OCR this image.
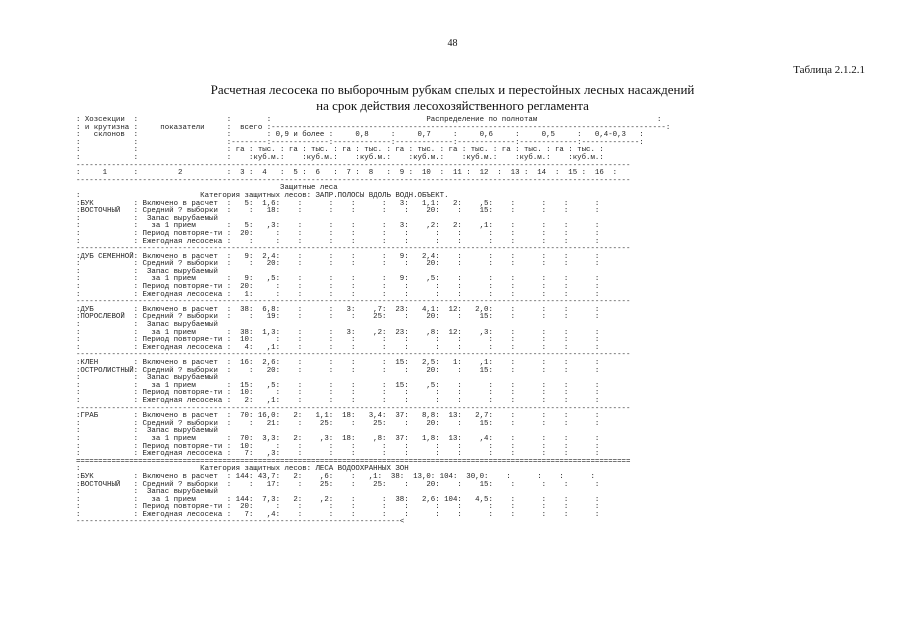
48
Таблица 2.1.2.1
Расчетная лесосека по выборочным рубкам спелых и перестойных лесных насаждений
на срок действия лесохозяйственного регламента
: Хозсекции  :                    :        :                                   Распределение по полнотам                           :
: и крутизна :     показатели     :  всего :-----------------------------------------------------------------------------------------:
:   склонов  :                    :        : 0,9 и более :     0,8     :     0,7     :     0,6     :     0,5     :   0,4-0,3   :
:            :                    :--------:-------------:-------------:-------------:-------------:-------------:-------------:
:            :                    : га : тыс. : га : тыс. : га : тыс. : га : тыс. : га : тыс. : га : тыс. : га : тыс. :
:            :                    :    :куб.м.:    :куб.м.:    :куб.м.:    :куб.м.:    :куб.м.:    :куб.м.:    :куб.м.:
-----------------------------------------------------------------------------------------------------------------------------
:     1      :         2          :  3 :  4   :  5 :  6   :  7 :  8   :  9 :  10  :  11 :  12  :  13 :  14  :  15 :  16  :
-----------------------------------------------------------------------------------------------------------------------------
Защитные леса
:                           Категория защитных лесов: ЗАПР.ПОЛОСЫ ВДОЛЬ ВОДН.ОБЪЕКТ.
:БУК         : Включено в расчет  :   5:  1,6:    :      :    :      :   3:   1,1:   2:    ,5:    :      :    :      :
:ВОСТОЧНЫЙ   : Средний ? выборки  :    :   18:    :      :    :      :    :    20:    :    15:    :      :    :      :
:            :  Запас вырубаемый
:            :   за 1 прием       :   5:   ,3:    :      :    :      :   3:    ,2:   2:    ,1:    :      :    :      :
:            : Период повторяе-ти :  20:     :    :      :    :      :    :      :    :      :    :      :    :      :
:            : Ежегодная лесосека :    :     :    :      :    :      :    :      :    :      :    :      :    :      :
-----------------------------------------------------------------------------------------------------------------------------
:ДУБ СЕМЕННОЙ: Включено в расчет  :   9:  2,4:    :      :    :      :   9:   2,4:    :      :    :      :    :      :
:            : Средний ? выборки  :    :   20:    :      :    :      :    :    20:    :      :    :      :    :      :
:            :  Запас вырубаемый
:            :   за 1 прием       :   9:   ,5:    :      :    :      :   9:    ,5:    :      :    :      :    :      :
:            : Период повторяе-ти :  20:     :    :      :    :      :    :      :    :      :    :      :    :      :
:            : Ежегодная лесосека :   1:     :    :      :    :      :    :      :    :      :    :      :    :      :
-----------------------------------------------------------------------------------------------------------------------------
:ДУБ         : Включено в расчет  :  38:  6,8:    :      :   3:    ,7:  23:   4,1:  12:   2,0:    :      :    :      :
:ПОРОСЛЕВОЙ  : Средний ? выборки  :    :   19:    :      :    :    25:    :    20:    :    15:    :      :    :      :
:            :  Запас вырубаемый
:            :   за 1 прием       :  38:  1,3:    :      :   3:    ,2:  23:    ,8:  12:    ,3:    :      :    :      :
:            : Период повторяе-ти :  10:     :    :      :    :      :    :      :    :      :    :      :    :      :
:            : Ежегодная лесосека :   4:   ,1:    :      :    :      :    :      :    :      :    :      :    :      :
-----------------------------------------------------------------------------------------------------------------------------
:КЛЕН        : Включено в расчет  :  16:  2,6:    :      :    :      :  15:   2,5:   1:    ,1:    :      :    :      :
:ОСТРОЛИСТНЫЙ: Средний ? выборки  :    :   20:    :      :    :      :    :    20:    :    15:    :      :    :      :
:            :  Запас вырубаемый
:            :   за 1 прием       :  15:   ,5:    :      :    :      :  15:    ,5:    :      :    :      :    :      :
:            : Период повторяе-ти :  10:     :    :      :    :      :    :      :    :      :    :      :    :      :
:            : Ежегодная лесосека :   2:   ,1:    :      :    :      :    :      :    :      :    :      :    :      :
-----------------------------------------------------------------------------------------------------------------------------
:ГРАБ        : Включено в расчет  :  70: 16,0:   2:   1,1:  18:   3,4:  37:   8,8:  13:   2,7:    :      :    :      :
:            : Средний ? выборки  :    :   21:    :    25:    :    25:    :    20:    :    15:    :      :    :      :
:            :  Запас вырубаемый
:            :   за 1 прием       :  70:  3,3:   2:    ,3:  18:    ,8:  37:   1,8:  13:    ,4:    :      :    :      :
:            : Период повторяе-ти :  10:     :    :      :    :      :    :      :    :      :    :      :    :      :
:            : Ежегодная лесосека :   7:   ,3:    :      :    :      :    :      :    :      :    :      :    :      :
=============================================================================================================================
:                           Категория защитных лесов: ЛЕСА ВОДООХРАННЫХ ЗОН
:БУК         : Включено в расчет  : 144: 43,7:   2:    ,6:    :   ,1:  38:  13,0: 104:  30,0:    :      :    :      :
:ВОСТОЧНЫЙ   : Средний ? выборки  :    :   17:    :    25:    :    25:    :    20:    :    15:    :      :    :      :
:            :  Запас вырубаемый
:            :   за 1 прием       : 144:  7,3:   2:    ,2:    :      :  38:   2,6: 104:   4,5:    :      :    :      :
:            : Период повторяе-ти :  20:     :    :      :    :      :    :      :    :      :    :      :    :      :
:            : Ежегодная лесосека :   7:   ,4:    :      :    :      :    :      :    :      :    :      :    :      :
-------------------------------------------------------------------------<
